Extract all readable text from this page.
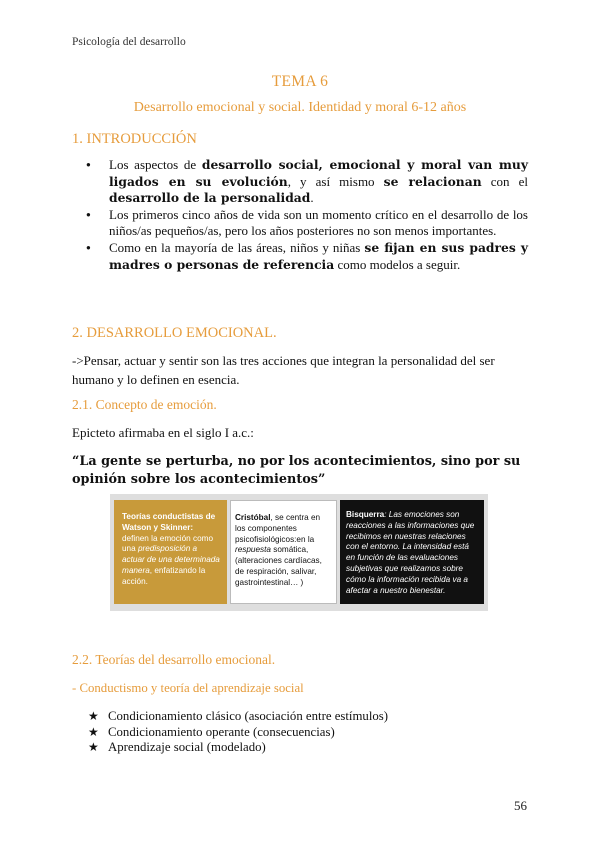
Psicología del desarrollo
TEMA 6
Desarrollo emocional y social. Identidad y moral 6-12 años
1. INTRODUCCIÓN
● Los aspectos de desarrollo social, emocional y moral van muy ligados en su evolución, y así mismo se relacionan con el desarrollo de la personalidad.
● Los primeros cinco años de vida son un momento crítico en el desarrollo de los niños/as pequeños/as, pero los años posteriores no son menos importantes.
● Como en la mayoría de las áreas, niños y niñas se fijan en sus padres y madres o personas de referencia como modelos a seguir.
2. DESARROLLO EMOCIONAL.
->Pensar, actuar y sentir son las tres acciones que integran la personalidad del ser humano y lo definen en esencia.
2.1. Concepto de emoción.
Epicteto afirmaba en el siglo I a.c.:
“La gente se perturba, no por los acontecimientos, sino por su opinión sobre los acontecimientos”
Teorías conductistas de Watson y Skinner: definen la emoción como una predisposición a actuar de una determinada manera, enfatizando la acción.
Cristóbal, se centra en los componentes psicofisiológicos:en la respuesta somática, (alteraciones cardíacas, de respiración, salivar, gastrointestinal… )
Bisquerra: Las emociones son reacciones a las informaciones que recibimos en nuestras relaciones con el entorno. La intensidad está en función de las evaluaciones subjetivas que realizamos sobre cómo la información recibida va a afectar a nuestro bienestar.
2.2. Teorías del desarrollo emocional.
- Conductismo y teoría del aprendizaje social
★ Condicionamiento clásico (asociación entre estímulos)
★ Condicionamiento operante (consecuencias)
★ Aprendizaje social (modelado)
56
